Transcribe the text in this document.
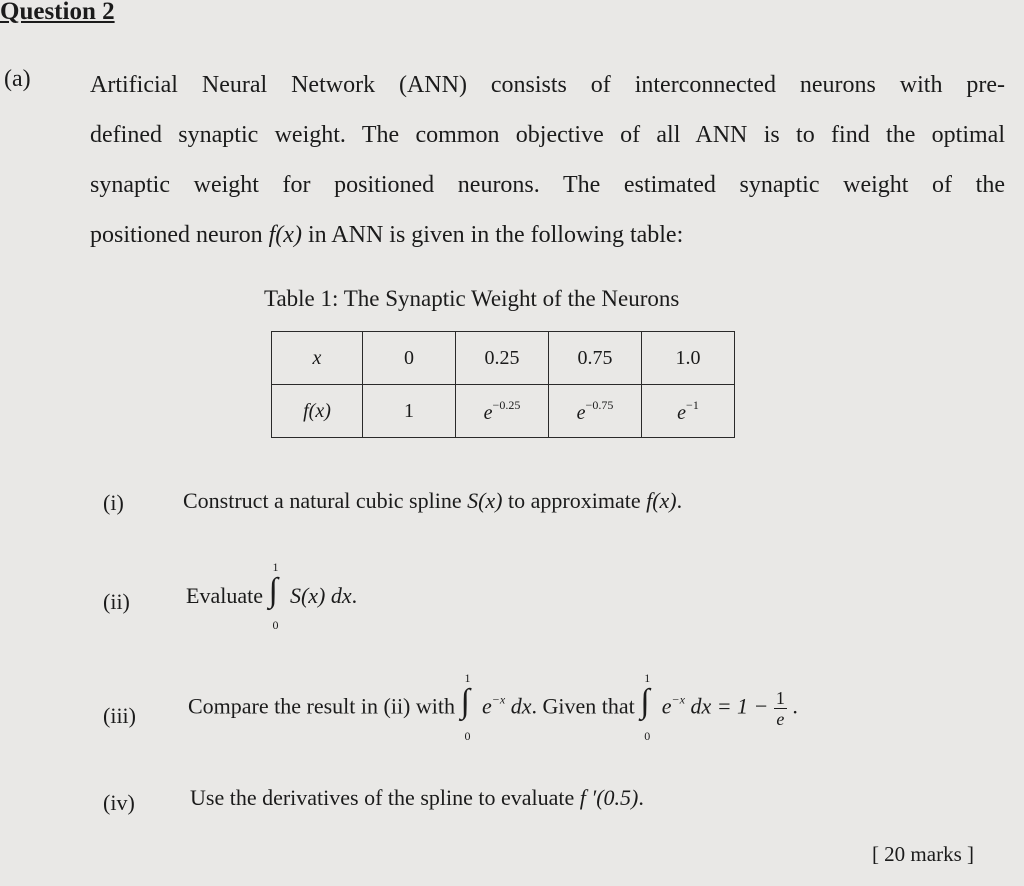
Question 2
(a) Artificial Neural Network (ANN) consists of interconnected neurons with pre-
defined synaptic weight. The common objective of all ANN is to find the optimal
synaptic weight for positioned neurons. The estimated synaptic weight of the
positioned neuron f(x) in ANN is given in the following table:
Table 1: The Synaptic Weight of the Neurons
x	0	0.25	0.75	1.0
f(x)	1	$e^{-0.25}$	$e^{-0.75}$	$e^{-1}$
(i)	Construct a natural cubic spline S(x) to approximate f(x).
(ii)	Evaluate ∫
1
0
S(x) dx.
(iii) Compare the result in (ii) with ∫
1
0
$e^{-x}$ dx. Given that ∫
1
0
$e^{-x}$ dx = $1 - \frac{1}{e}$ .
(iv)	Use the derivatives of the spline to evaluate f ′(0.5).
[ 20 marks ]
